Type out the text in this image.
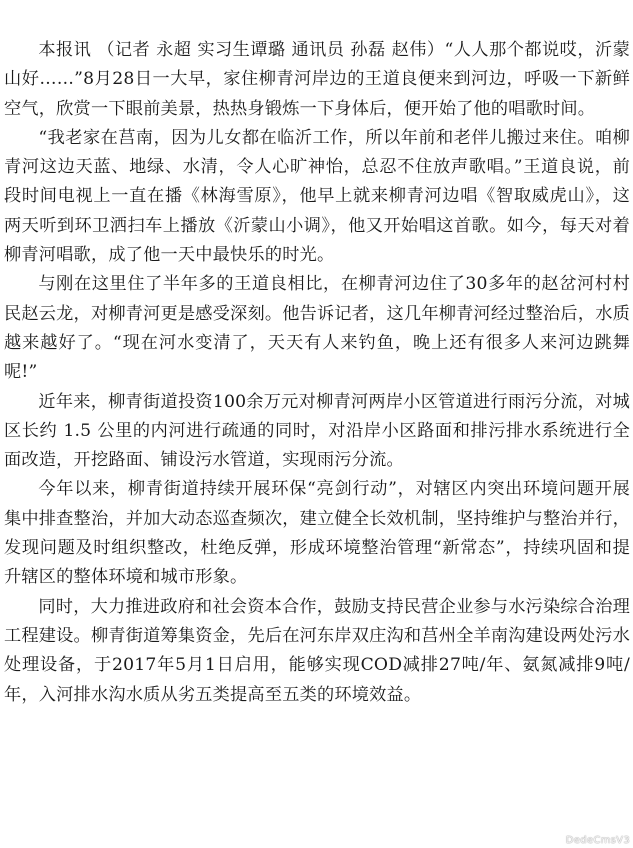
本报讯 （记者 永超 实习生谭璐 通讯员 孙磊 赵伟）“人人那个都说哎，沂蒙山好……”8月28日一大早，家住柳青河岸边的王道良便来到河边，呼吸一下新鲜空气，欣赏一下眼前美景，热热身锻炼一下身体后，便开始了他的唱歌时间。

“我老家在莒南，因为儿女都在临沂工作，所以年前和老伴儿搬过来住。咱柳青河这边天蓝、地绿、水清，令人心旷神怡，总忍不住放声歌唱。”王道良说，前段时间电视上一直在播《林海雪原》，他早上就来柳青河边唱《智取威虎山》，这两天听到环卫洒扫车上播放《沂蒙山小调》，他又开始唱这首歌。如今，每天对着柳青河唱歌，成了他一天中最快乐的时光。

与刚在这里住了半年多的王道良相比，在柳青河边住了30多年的赵岔河村村民赵云龙，对柳青河更是感受深刻。他告诉记者，这几年柳青河经过整治后，水质越来越好了。“现在河水变清了，天天有人来钓鱼，晚上还有很多人来河边跳舞呢!”

近年来，柳青街道投资100余万元对柳青河两岸小区管道进行雨污分流，对城区长约 1.5 公里的内河进行疏通的同时，对沿岸小区路面和排污排水系统进行全面改造，开挖路面、铺设污水管道，实现雨污分流。

今年以来，柳青街道持续开展环保“亮剑行动”，对辖区内突出环境问题开展集中排查整治，并加大动态巡查频次，建立健全长效机制，坚持维护与整治并行，发现问题及时组织整改，杜绝反弹，形成环境整治管理“新常态”，持续巩固和提升辖区的整体环境和城市形象。

同时，大力推进政府和社会资本合作，鼓励支持民营企业参与水污染综合治理工程建设。柳青街道筹集资金，先后在河东岸双庄沟和莒州全羊南沟建设两处污水处理设备，于2017年5月1日启用，能够实现COD减排27吨/年、氨氮减排9吨/年，入河排水沟水质从劣五类提高至五类的环境效益。

DedeCmsV3
